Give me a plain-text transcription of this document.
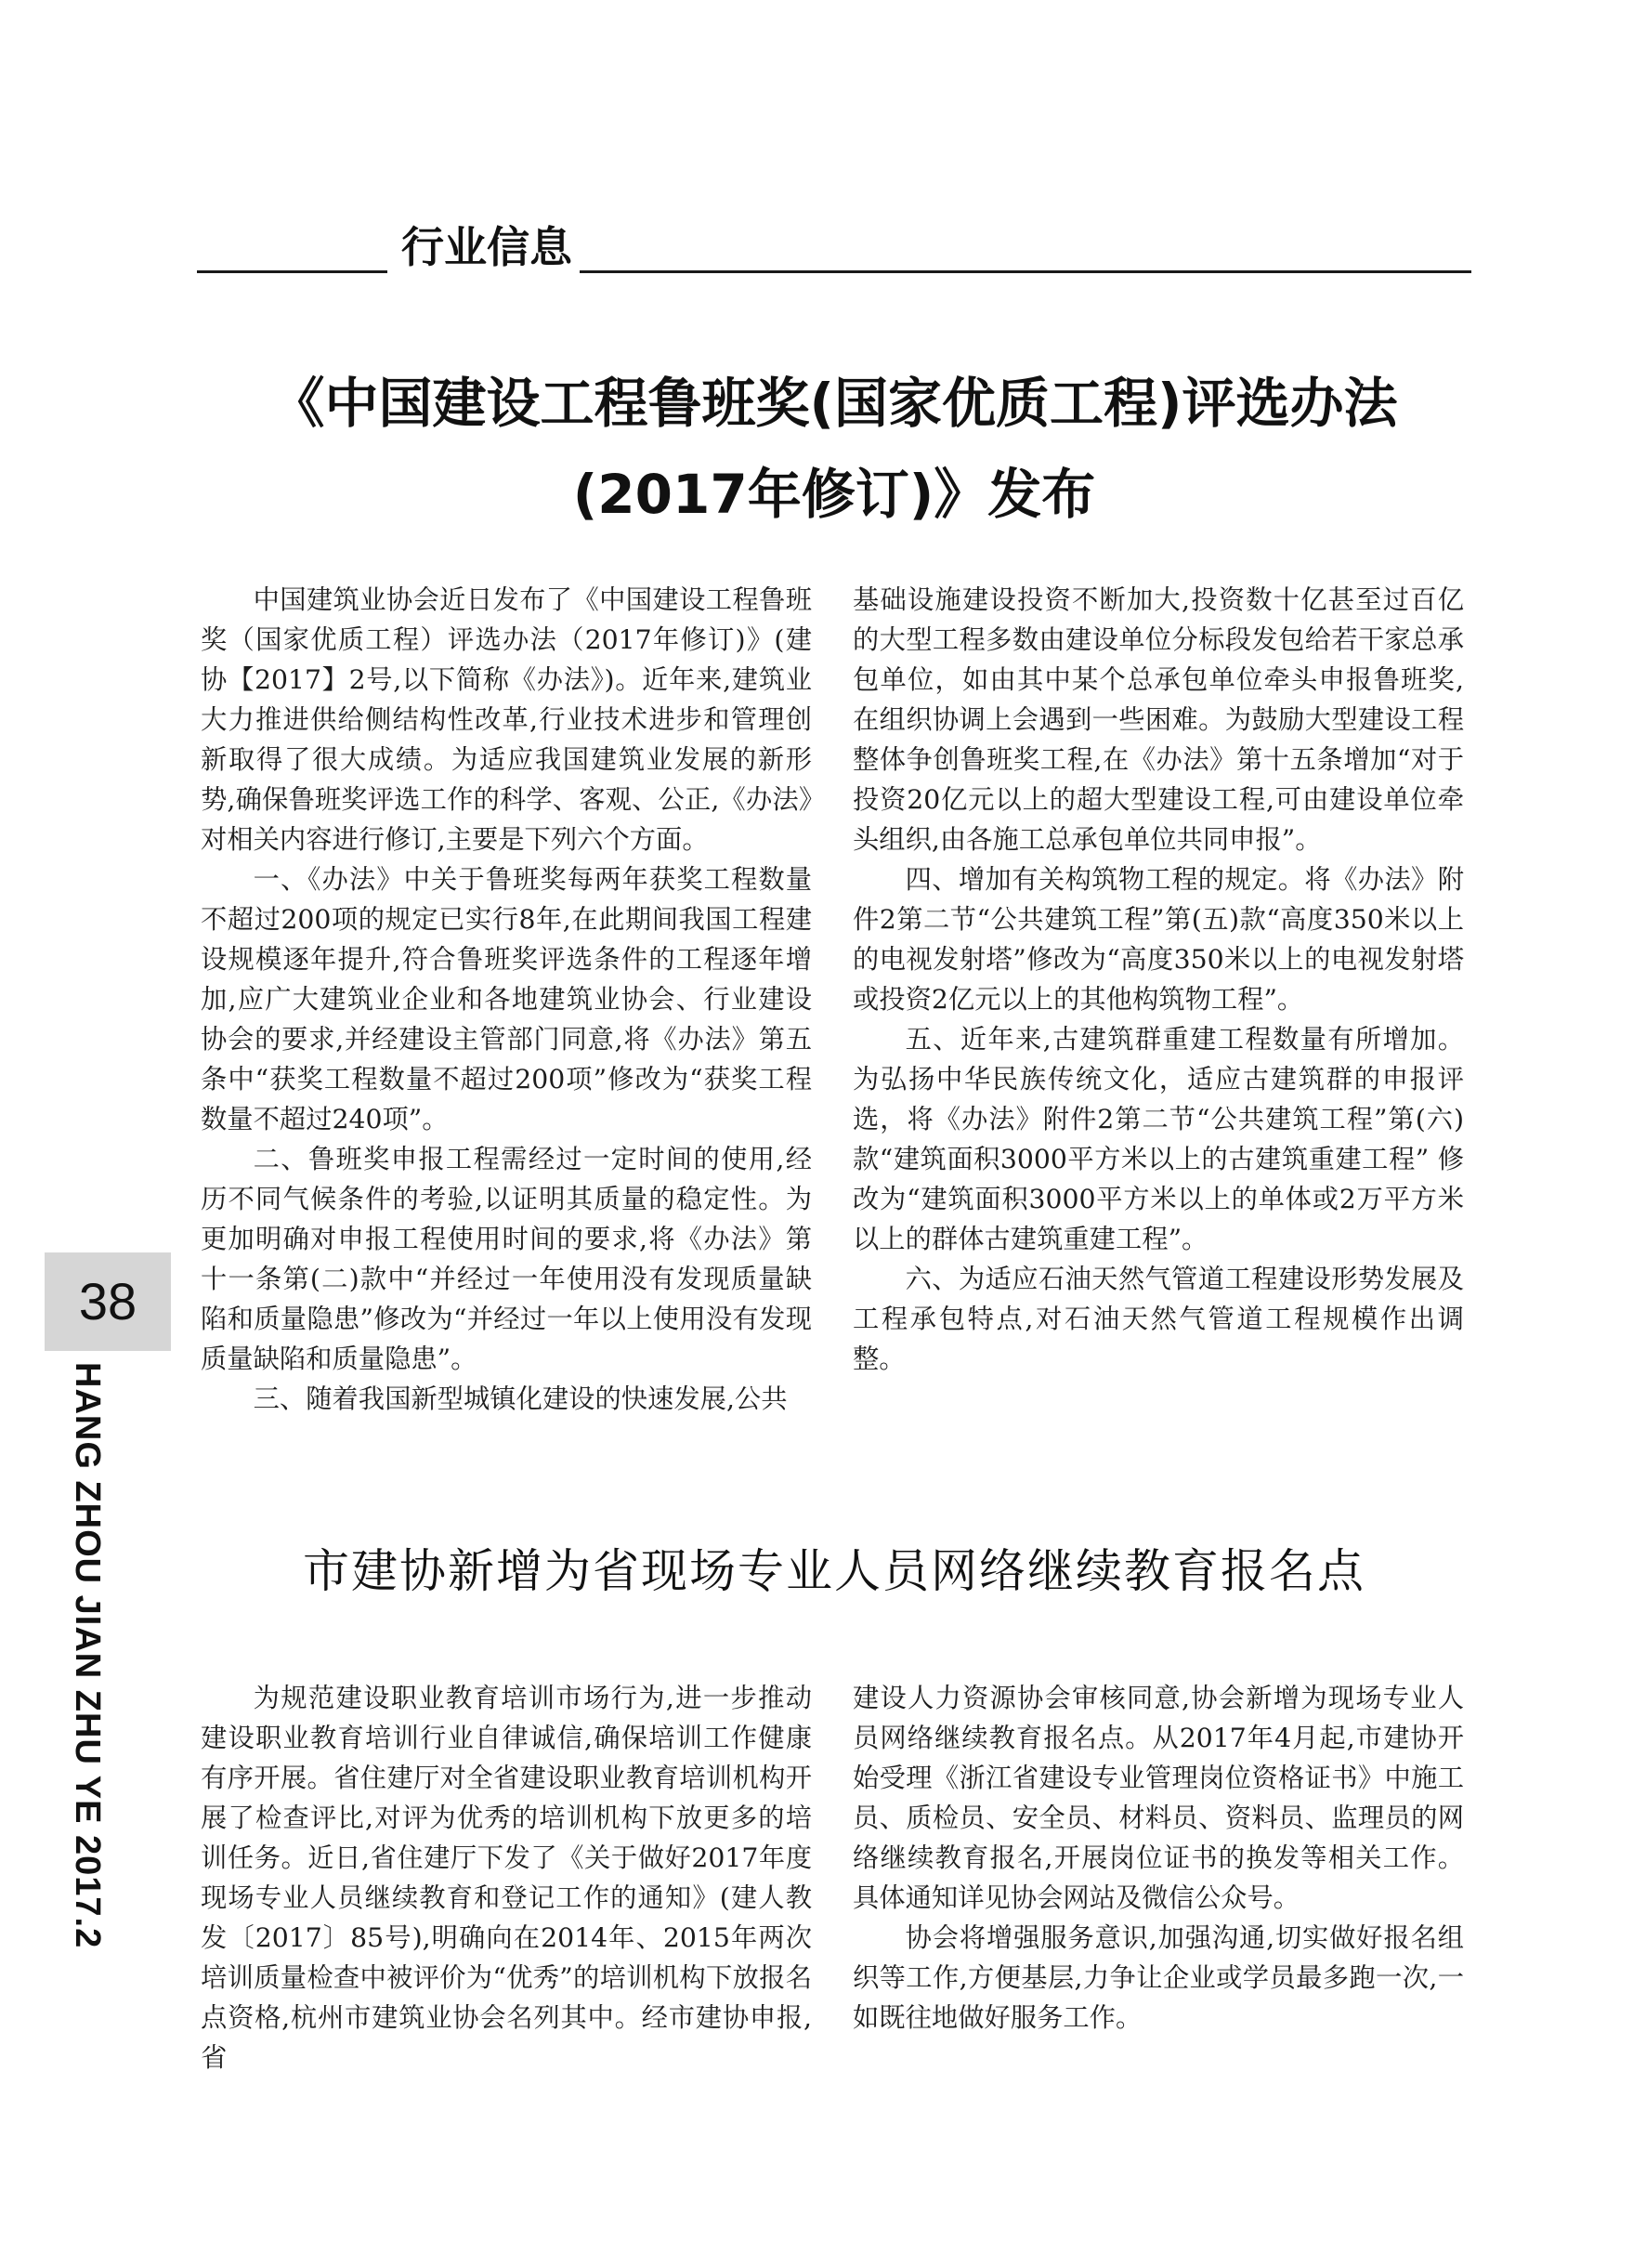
行业信息
《中国建设工程鲁班奖(国家优质工程)评选办法
(2017年修订)》发布

中国建筑业协会近日发布了《中国建设工程鲁班奖（国家优质工程）评选办法（2017年修订)》(建协【2017】2号,以下简称《办法》)。近年来,建筑业大力推进供给侧结构性改革,行业技术进步和管理创新取得了很大成绩。为适应我国建筑业发展的新形势,确保鲁班奖评选工作的科学、客观、公正,《办法》对相关内容进行修订,主要是下列六个方面。

一、《办法》中关于鲁班奖每两年获奖工程数量不超过200项的规定已实行8年,在此期间我国工程建设规模逐年提升,符合鲁班奖评选条件的工程逐年增加,应广大建筑业企业和各地建筑业协会、行业建设协会的要求,并经建设主管部门同意,将《办法》第五条中“获奖工程数量不超过200项”修改为“获奖工程数量不超过240项”。

二、鲁班奖申报工程需经过一定时间的使用,经历不同气候条件的考验,以证明其质量的稳定性。为更加明确对申报工程使用时间的要求,将《办法》第十一条第(二)款中“并经过一年使用没有发现质量缺陷和质量隐患”修改为“并经过一年以上使用没有发现质量缺陷和质量隐患”。

三、随着我国新型城镇化建设的快速发展,公共

基础设施建设投资不断加大,投资数十亿甚至过百亿的大型工程多数由建设单位分标段发包给若干家总承包单位，如由其中某个总承包单位牵头申报鲁班奖,在组织协调上会遇到一些困难。为鼓励大型建设工程整体争创鲁班奖工程,在《办法》第十五条增加“对于投资20亿元以上的超大型建设工程,可由建设单位牵头组织,由各施工总承包单位共同申报”。

四、增加有关构筑物工程的规定。将《办法》附件2第二节“公共建筑工程”第(五)款“高度350米以上的电视发射塔”修改为“高度350米以上的电视发射塔或投资2亿元以上的其他构筑物工程”。

五、近年来,古建筑群重建工程数量有所增加。为弘扬中华民族传统文化，适应古建筑群的申报评选，将《办法》附件2第二节“公共建筑工程”第(六)款“建筑面积3000平方米以上的古建筑重建工程” 修改为“建筑面积3000平方米以上的单体或2万平方米以上的群体古建筑重建工程”。

六、为适应石油天然气管道工程建设形势发展及工程承包特点,对石油天然气管道工程规模作出调整。

38
HANG ZHOU JIAN ZHU YE 2017.2	市建协新增为省现场专业人员网络继续教育报名点

为规范建设职业教育培训市场行为,进一步推动建设职业教育培训行业自律诚信,确保培训工作健康有序开展。省住建厅对全省建设职业教育培训机构开展了检查评比,对评为优秀的培训机构下放更多的培训任务。近日,省住建厅下发了《关于做好2017年度现场专业人员继续教育和登记工作的通知》(建人教发〔2017〕85号),明确向在2014年、2015年两次培训质量检查中被评价为“优秀”的培训机构下放报名点资格,杭州市建筑业协会名列其中。经市建协申报,省

建设人力资源协会审核同意,协会新增为现场专业人员网络继续教育报名点。从2017年4月起,市建协开始受理《浙江省建设专业管理岗位资格证书》中施工员、质检员、安全员、材料员、资料员、监理员的网络继续教育报名,开展岗位证书的换发等相关工作。具体通知详见协会网站及微信公众号。

协会将增强服务意识,加强沟通,切实做好报名组织等工作,方便基层,力争让企业或学员最多跑一次,一如既往地做好服务工作。
